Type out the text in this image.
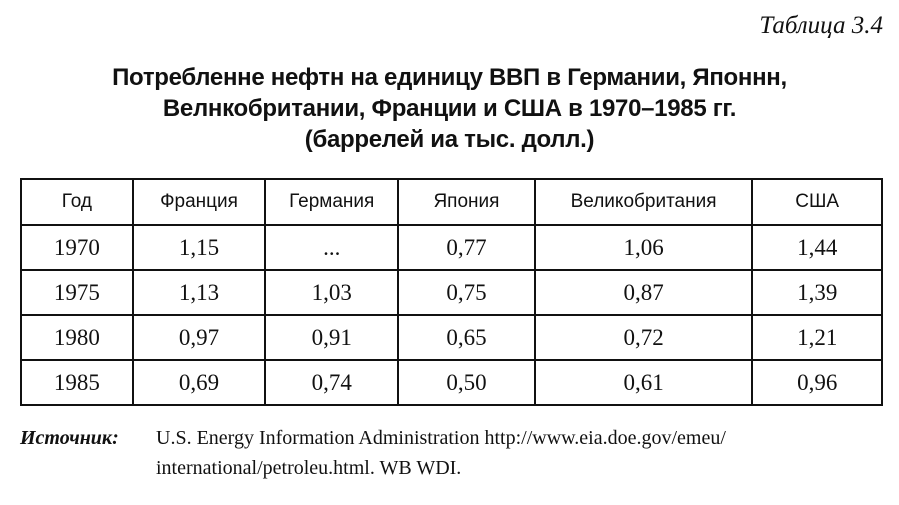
Таблица 3.4
Потребленне нефтн на единицу ВВП в Германии, Японнн,
Велнкобритании, Франции и США в 1970–1985 гг.
(баррелей иа тыс. долл.)
Год	Франция	Германия	Япония	Великобритания	США
1970	1,15	...	0,77	1,06	1,44
1975	1,13	1,03	0,75	0,87	1,39
1980	0,97	0,91	0,65	0,72	1,21
1985	0,69	0,74	0,50	0,61	0,96
Источник: U.S. Energy Information Administration http://www.eia.doe.gov/emeu/
international/petroleu.html. WB WDI.
